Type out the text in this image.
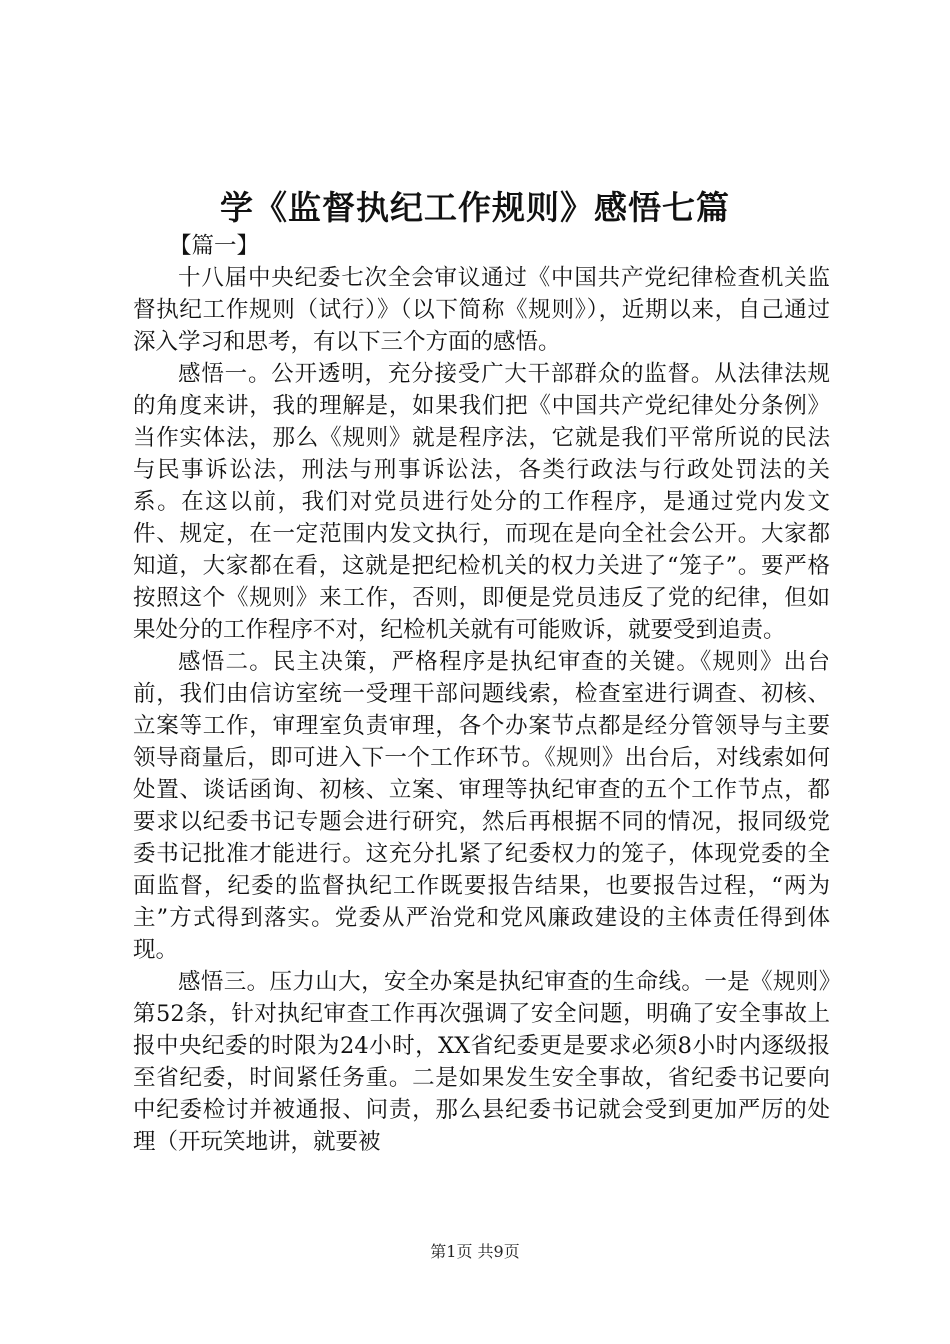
学《监督执纪工作规则》感悟七篇

【篇一】

十八届中央纪委七次全会审议通过《中国共产党纪律检查机关监督执纪工作规则（试行）》（以下简称《规则》），近期以来，自己通过深入学习和思考，有以下三个方面的感悟。

感悟一。公开透明，充分接受广大干部群众的监督。从法律法规的角度来讲，我的理解是，如果我们把《中国共产党纪律处分条例》当作实体法，那么《规则》就是程序法，它就是我们平常所说的民法与民事诉讼法，刑法与刑事诉讼法，各类行政法与行政处罚法的关系。在这以前，我们对党员进行处分的工作程序，是通过党内发文件、规定，在一定范围内发文执行，而现在是向全社会公开。大家都知道，大家都在看，这就是把纪检机关的权力关进了“笼子”。要严格按照这个《规则》来工作，否则，即便是党员违反了党的纪律，但如果处分的工作程序不对，纪检机关就有可能败诉，就要受到追责。

感悟二。民主决策，严格程序是执纪审查的关键。《规则》出台前，我们由信访室统一受理干部问题线索，检查室进行调查、初核、立案等工作，审理室负责审理，各个办案节点都是经分管领导与主要领导商量后，即可进入下一个工作环节。《规则》出台后，对线索如何处置、谈话函询、初核、立案、审理等执纪审查的五个工作节点，都要求以纪委书记专题会进行研究，然后再根据不同的情况，报同级党委书记批准才能进行。这充分扎紧了纪委权力的笼子，体现党委的全面监督，纪委的监督执纪工作既要报告结果，也要报告过程，“两为主”方式得到落实。党委从严治党和党风廉政建设的主体责任得到体现。

感悟三。压力山大，安全办案是执纪审查的生命线。一是《规则》第52条，针对执纪审查工作再次强调了安全问题，明确了安全事故上报中央纪委的时限为24小时，XX省纪委更是要求必须8小时内逐级报至省纪委，时间紧任务重。二是如果发生安全事故，省纪委书记要向中纪委检讨并被通报、问责，那么县纪委书记就会受到更加严厉的处理（开玩笑地讲，就要被

第1页 共9页
